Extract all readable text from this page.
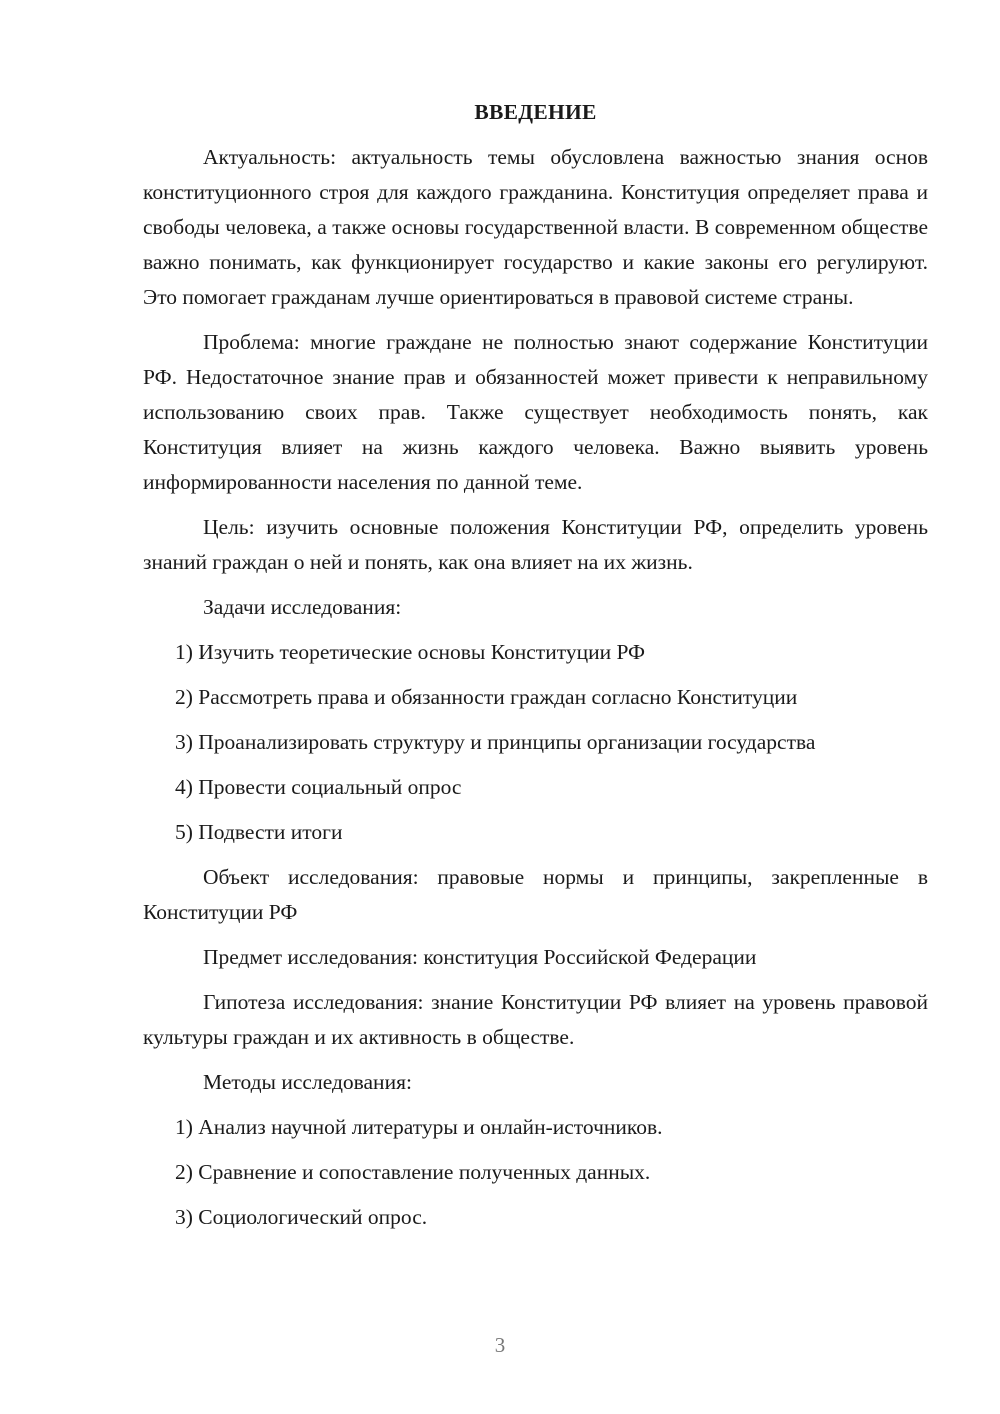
ВВЕДЕНИЕ

Актуальность: актуальность темы обусловлена важностью знания основ конституционного строя для каждого гражданина. Конституция определяет права и свободы человека, а также основы государственной власти. В современном обществе важно понимать, как функционирует государство и какие законы его регулируют. Это помогает гражданам лучше ориентироваться в правовой системе страны.

Проблема: многие граждане не полностью знают содержание Конституции РФ. Недостаточное знание прав и обязанностей может привести к неправильному использованию своих прав. Также существует необходимость понять, как Конституция влияет на жизнь каждого человека. Важно выявить уровень информированности населения по данной теме.

Цель: изучить основные положения Конституции РФ, определить уровень знаний граждан о ней и понять, как она влияет на их жизнь.

Задачи исследования:
1) Изучить теоретические основы Конституции РФ
2) Рассмотреть права и обязанности граждан согласно Конституции
3) Проанализировать структуру и принципы организации государства
4) Провести социальный опрос
5) Подвести итоги

Объект исследования: правовые нормы и принципы, закрепленные в Конституции РФ

Предмет исследования: конституция Российской Федерации

Гипотеза исследования: знание Конституции РФ влияет на уровень правовой культуры граждан и их активность в обществе.

Методы исследования:
1) Анализ научной литературы и онлайн-источников.
2) Сравнение и сопоставление полученных данных.
3) Социологический опрос.
3
